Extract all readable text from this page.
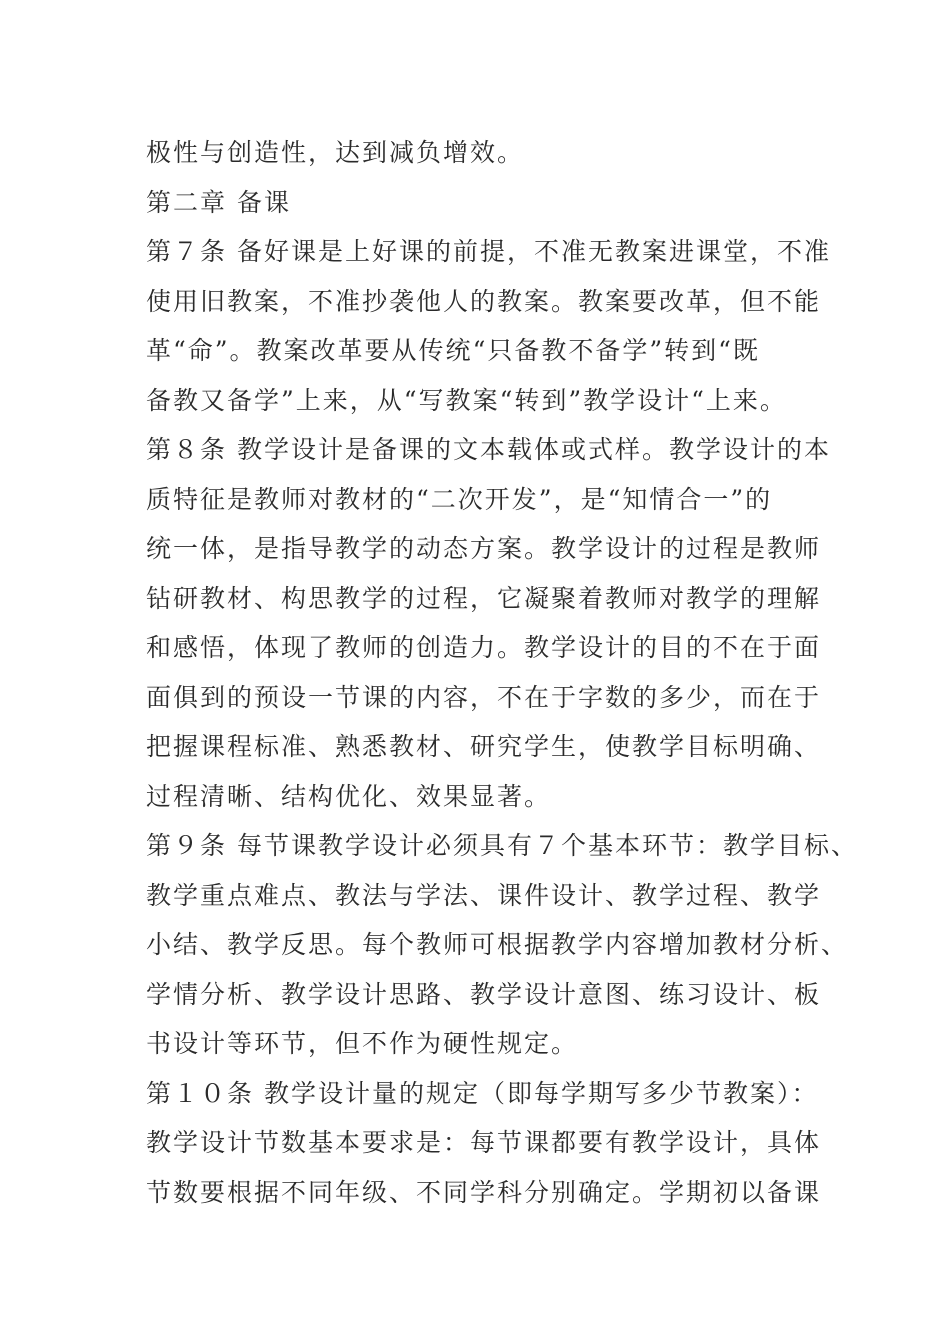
极性与创造性，达到减负增效。
第二章 备课
第７条 备好课是上好课的前提，不准无教案进课堂，不准
使用旧教案，不准抄袭他人的教案。教案要改革，但不能
革“命”。教案改革要从传统“只备教不备学”转到“既
备教又备学”上来，从“写教案“转到”教学设计“上来。
第８条 教学设计是备课的文本载体或式样。教学设计的本
质特征是教师对教材的“二次开发”，是“知情合一”的
统一体，是指导教学的动态方案。教学设计的过程是教师
钻研教材、构思教学的过程，它凝聚着教师对教学的理解
和感悟，体现了教师的创造力。教学设计的目的不在于面
面俱到的预设一节课的内容，不在于字数的多少，而在于
把握课程标准、熟悉教材、研究学生，使教学目标明确、
过程清晰、结构优化、效果显著。
第９条 每节课教学设计必须具有７个基本环节：教学目标、
教学重点难点、教法与学法、课件设计、教学过程、教学
小结、教学反思。每个教师可根据教学内容增加教材分析、
学情分析、教学设计思路、教学设计意图、练习设计、板
书设计等环节，但不作为硬性规定。
第１０条 教学设计量的规定（即每学期写多少节教案）：
教学设计节数基本要求是：每节课都要有教学设计，具体
节数要根据不同年级、不同学科分别确定。学期初以备课
